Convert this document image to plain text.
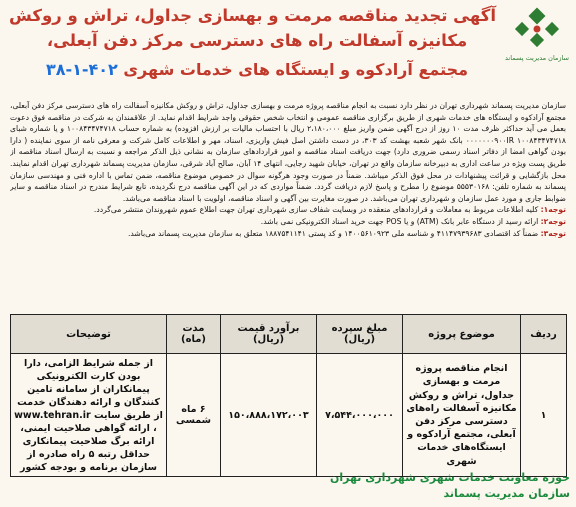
سازمان مدیریت پسماند
آگهی تجدید مناقصه مرمت و بهسازی جداول، تراش و روکش
مکانیزه آسفالت راه های دسترسی مرکز دفن آبعلی،
مجتمع آرادکوه و ایستگاه های خدمات شهری ۴۰۲-۱-۳۸
سازمان مدیریت پسماند شهرداری تهران در نظر دارد نسبت به انجام مناقصه پروژه مرمت و بهسازی جداول، تراش و روکش مکانیزه آسفالت راه های دسترسی مرکز دفن آبعلی، مجتمع آرادکوه و ایستگاه های خدمات شهری از طریق برگزاری مناقصه عمومی و انتخاب شخص حقوقی واجد شرایط اقدام نماید. از علاقمندان به شرکت در مناقصه فوق دعوت بعمل می آید حداکثر ظرف مدت ۱۰ روز از درج آگهی ضمن واریز مبلغ ۲،۱۸۰،۰۰۰ ریال با احتساب مالیات بر ارزش افزوده) به شماره حساب ۱۰۰۸۴۳۴۷۴۷۱۸ و یا شماره شبای ۱۰۰۸۴۳۴۷۴۷۱۸ ۰۰۰۰۰۰۰۹۰۰IR بانک شهر شعبه بهشت کد ۳۰۳، در دست داشتن اصل فیش واریزی، اسناد، مهر و اطلاعات کامل شرکت و معرفی نامه از سوی نماینده ( دارا بودن گواهی امضا از دفاتر اسناد رسمی ضروری دارد) جهت دریافت اسناد مناقصه و امور قراردادهای سازمان به نشانی ذیل الذکر مراجعه و نسبت به ارسال اسناد مناقصه از طریق پست ویژه در ساعت اداری به دبیرخانه سازمان واقع در تهران، خیابان شهید رجایی، انتهای ۱۴ آبان، صالح آباد شرقی، سازمان مدیریت پسماند شهرداری تهران اقدام نمایند. محل بازگشایی و قرائت پیشنهادات در محل فوق الذکر میباشد. ضمناً در صورت وجود هرگونه سوال در خصوص موضوع مناقصه، ضمن تماس با اداره فنی و مهندسی سازمان پسماند به شماره تلفن: ۵۵۵۳۰۱۶۸ موضوع را مطرح و پاسخ لازم دریافت گردد. ضمناً مواردی که در این آگهی مناقصه درج نگردیده، تابع شرایط مندرج در اسناد مناقصه و سایر ضوابط جاری و مورد عمل سازمان و شهرداری تهران می‌باشد. در صورت مغایرت بین آگهی و اسناد مناقصه، اولویت با اسناد مناقصه می‌باشد.
توجه۱: کلیه اطلاعات مربوط به معاملات و قراردادهای منعقده در وبسایت شفاف سازی شهرداری تهران جهت اطلاع عموم شهروندان منتشر می‌گردد.
توجه۲: ارائه رسید از دستگاه عابر بانک (ATM) و یا POS جهت خرید اسناد الکترونیکی نمی باشد.
توجه۳: ضمناً کد اقتصادی ۴۱۱۴۷۹۳۹۶۸۳ و شناسه ملی ۱۴۰۰۵۶۱۰۹۲۳ و کد پستی ۱۸۸۷۵۴۱۱۴۱ متعلق به سازمان مدیریت پسماند می‌باشد.
ردیف	موضوع پروژه	مبلغ سپرده (ریال)	برآورد قیمت (ریال)	مدت (ماه)	توضیحات
۱	انجام مناقصه پروژه مرمت و بهسازی جداول، تراش و روکش مکانیزه آسفالت راه‌های دسترسی مرکز دفن آبعلی، مجتمع آرادکوه و ایستگاه‌های خدمات شهری	۷،۵۴۴،۰۰۰،۰۰۰	۱۵۰،۸۸۸،۱۷۲،۰۰۳	۶ ماه شمسی	از جمله شرایط الزامی، دارا بودن کارت الکترونیکی پیمانکاران از سامانه تامین کنندگان و ارائه دهندگان خدمت از طریق سایت www.tehran.ir ، ارائه گواهی صلاحیت ایمنی، ارائه برگ صلاحیت پیمانکاری حداقل رتبه ۵ راه صادره از سازمان برنامه و بودجه کشور
حوزه معاونت خدمات شهری شهرداری تهران
سازمان مدیریت پسماند
